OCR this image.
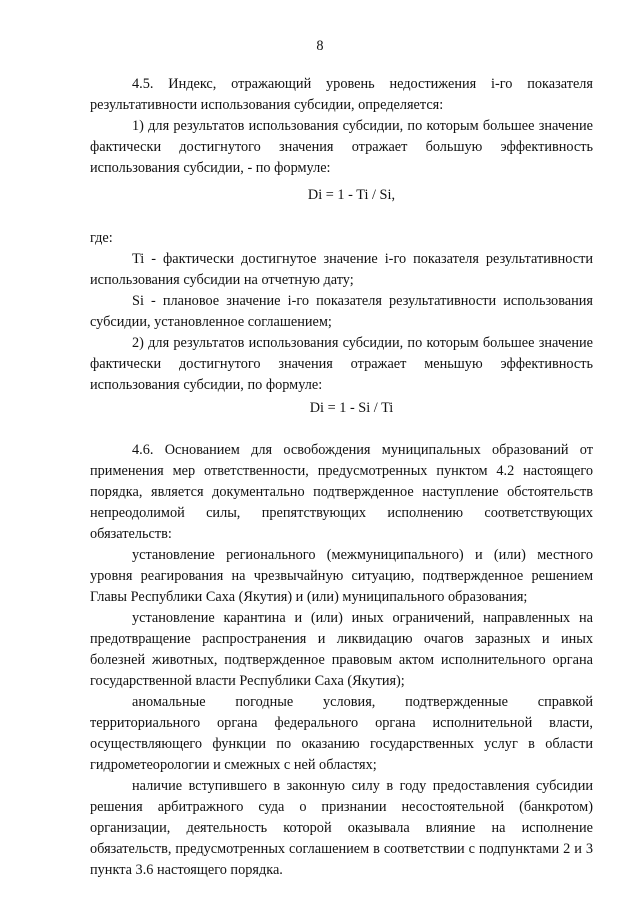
8

4.5. Индекс, отражающий уровень недостижения i-го показателя результативности использования субсидии, определяется:

1) для результатов использования субсидии, по которым большее значение фактически достигнутого значения отражает большую эффективность использования субсидии, - по формуле:

Di = 1 - Ti / Si,

где:

Ti - фактически достигнутое значение i-го показателя результативности использования субсидии на отчетную дату;

Si - плановое значение i-го показателя результативности использования субсидии, установленное соглашением;

2) для результатов использования субсидии, по которым большее значение фактически достигнутого значения отражает меньшую эффективность использования субсидии, по формуле:

Di = 1 - Si / Ti

4.6. Основанием для освобождения муниципальных образований от применения мер ответственности, предусмотренных пунктом 4.2 настоящего порядка, является документально подтвержденное наступление обстоятельств непреодолимой силы, препятствующих исполнению соответствующих обязательств:

установление регионального (межмуниципального) и (или) местного уровня реагирования на чрезвычайную ситуацию, подтвержденное решением Главы Республики Саха (Якутия) и (или) муниципального образования;

установление карантина и (или) иных ограничений, направленных на предотвращение распространения и ликвидацию очагов заразных и иных болезней животных, подтвержденное правовым актом исполнительного органа государственной власти Республики Саха (Якутия);

аномальные погодные условия, подтвержденные справкой территориального органа федерального органа исполнительной власти, осуществляющего функции по оказанию государственных услуг в области гидрометеорологии и смежных с ней областях;

наличие вступившего в законную силу в году предоставления субсидии решения арбитражного суда о признании несостоятельной (банкротом) организации, деятельность которой оказывала влияние на исполнение обязательств, предусмотренных соглашением в соответствии с подпунктами 2 и 3 пункта 3.6 настоящего порядка.
